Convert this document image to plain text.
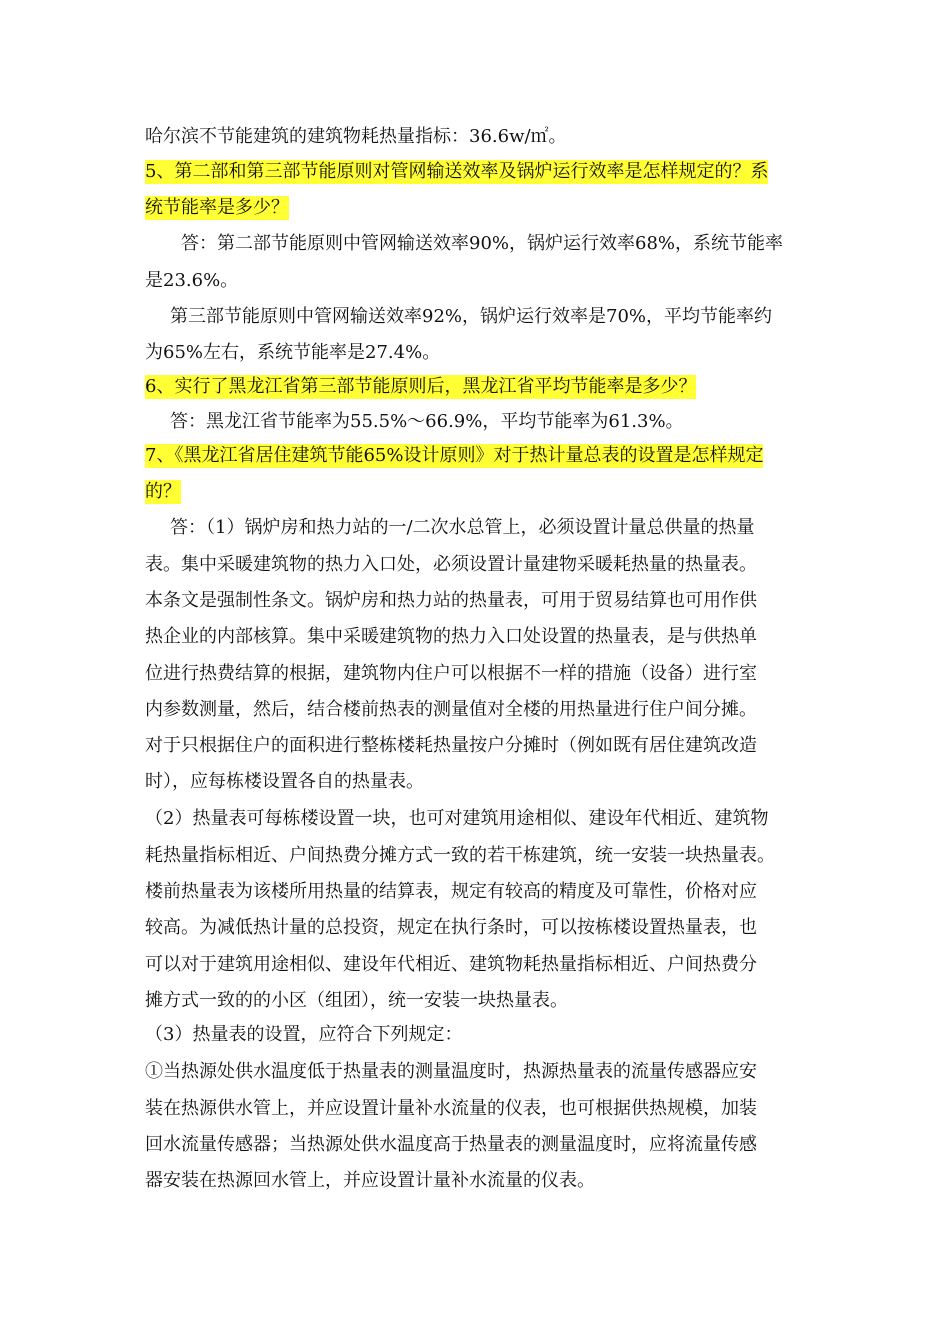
哈尔滨不节能建筑的建筑物耗热量指标：36.6w/㎡。
5、第二部和第三部节能原则对管网输送效率及锅炉运行效率是怎样规定的？系
统节能率是多少？
答：第二部节能原则中管网输送效率90%，锅炉运行效率68%，系统节能率
是23.6%。
第三部节能原则中管网输送效率92%，锅炉运行效率是70%，平均节能率约
为65%左右，系统节能率是27.4%。
6、实行了黑龙江省第三部节能原则后，黑龙江省平均节能率是多少？
答：黑龙江省节能率为55.5%～66.9%，平均节能率为61.3%。
7、《黑龙江省居住建筑节能65%设计原则》对于热计量总表的设置是怎样规定
的？
答：（1）锅炉房和热力站的一/二次水总管上，必须设置计量总供量的热量
表。集中采暖建筑物的热力入口处，必须设置计量建物采暖耗热量的热量表。
本条文是强制性条文。锅炉房和热力站的热量表，可用于贸易结算也可用作供
热企业的内部核算。集中采暖建筑物的热力入口处设置的热量表，是与供热单
位进行热费结算的根据，建筑物内住户可以根据不一样的措施（设备）进行室
内参数测量，然后，结合楼前热表的测量值对全楼的用热量进行住户间分摊。
对于只根据住户的面积进行整栋楼耗热量按户分摊时（例如既有居住建筑改造
时），应每栋楼设置各自的热量表。
（2）热量表可每栋楼设置一块，也可对建筑用途相似、建设年代相近、建筑物
耗热量指标相近、户间热费分摊方式一致的若干栋建筑，统一安装一块热量表。
楼前热量表为该楼所用热量的结算表，规定有较高的精度及可靠性，价格对应
较高。为减低热计量的总投资，规定在执行条时，可以按栋楼设置热量表，也
可以对于建筑用途相似、建设年代相近、建筑物耗热量指标相近、户间热费分
摊方式一致的的小区（组团），统一安装一块热量表。
（3）热量表的设置，应符合下列规定：
①当热源处供水温度低于热量表的测量温度时，热源热量表的流量传感器应安
装在热源供水管上，并应设置计量补水流量的仪表，也可根据供热规模，加装
回水流量传感器；当热源处供水温度高于热量表的测量温度时，应将流量传感
器安装在热源回水管上，并应设置计量补水流量的仪表。
